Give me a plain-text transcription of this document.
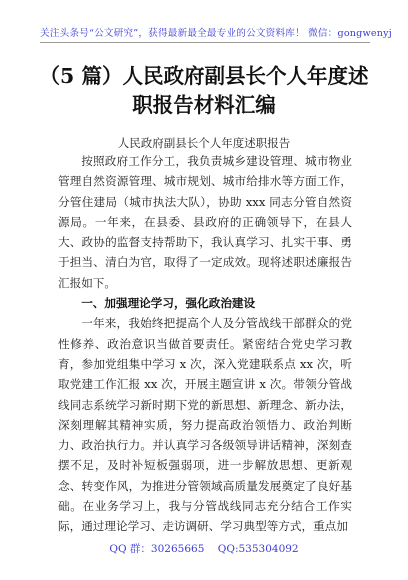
关注头条号“公文研究”，获得最新最全最专业的公文资料库！ 微信：gongwenyj
（5 篇）人民政府副县长个人年度述职报告材料汇编
人民政府副县长个人年度述职报告

按照政府工作分工，我负责城乡建设管理、城市物业管理自然资源管理、城市规划、城市给排水等方面工作，分管住建局（城市执法大队），协助 xxx 同志分管自然资源局。一年来，在县委、县政府的正确领导下，在县人大、政协的监督支持帮助下，我认真学习、扎实干事、勇于担当、清白为官，取得了一定成效。现将述职述廉报告汇报如下。

一、加强理论学习，强化政治建设

一年来，我始终把提高个人及分管战线干部群众的党性修养、政治意识当做首要责任。紧密结合党史学习教育，参加党组集中学习 x 次，深入党建联系点 xx 次，听取党建工作汇报 xx 次，开展主题宣讲 x 次。带领分管战线同志系统学习新时期下党的新思想、新理念、新办法，深刻理解其精神实质，努力提高政治领悟力、政治判断力、政治执行力。并认真学习各级领导讲话精神，深刻查摆不足，及时补短板强弱项，进一步解放思想、更新观念、转变作风，为推进分管领域高质量发展奠定了良好基础。在业务学习上，我与分管战线同志充分结合工作实际，通过理论学习、走访调研、学习典型等方式，重点加

QQ 群：30265665 QQ:535304092
